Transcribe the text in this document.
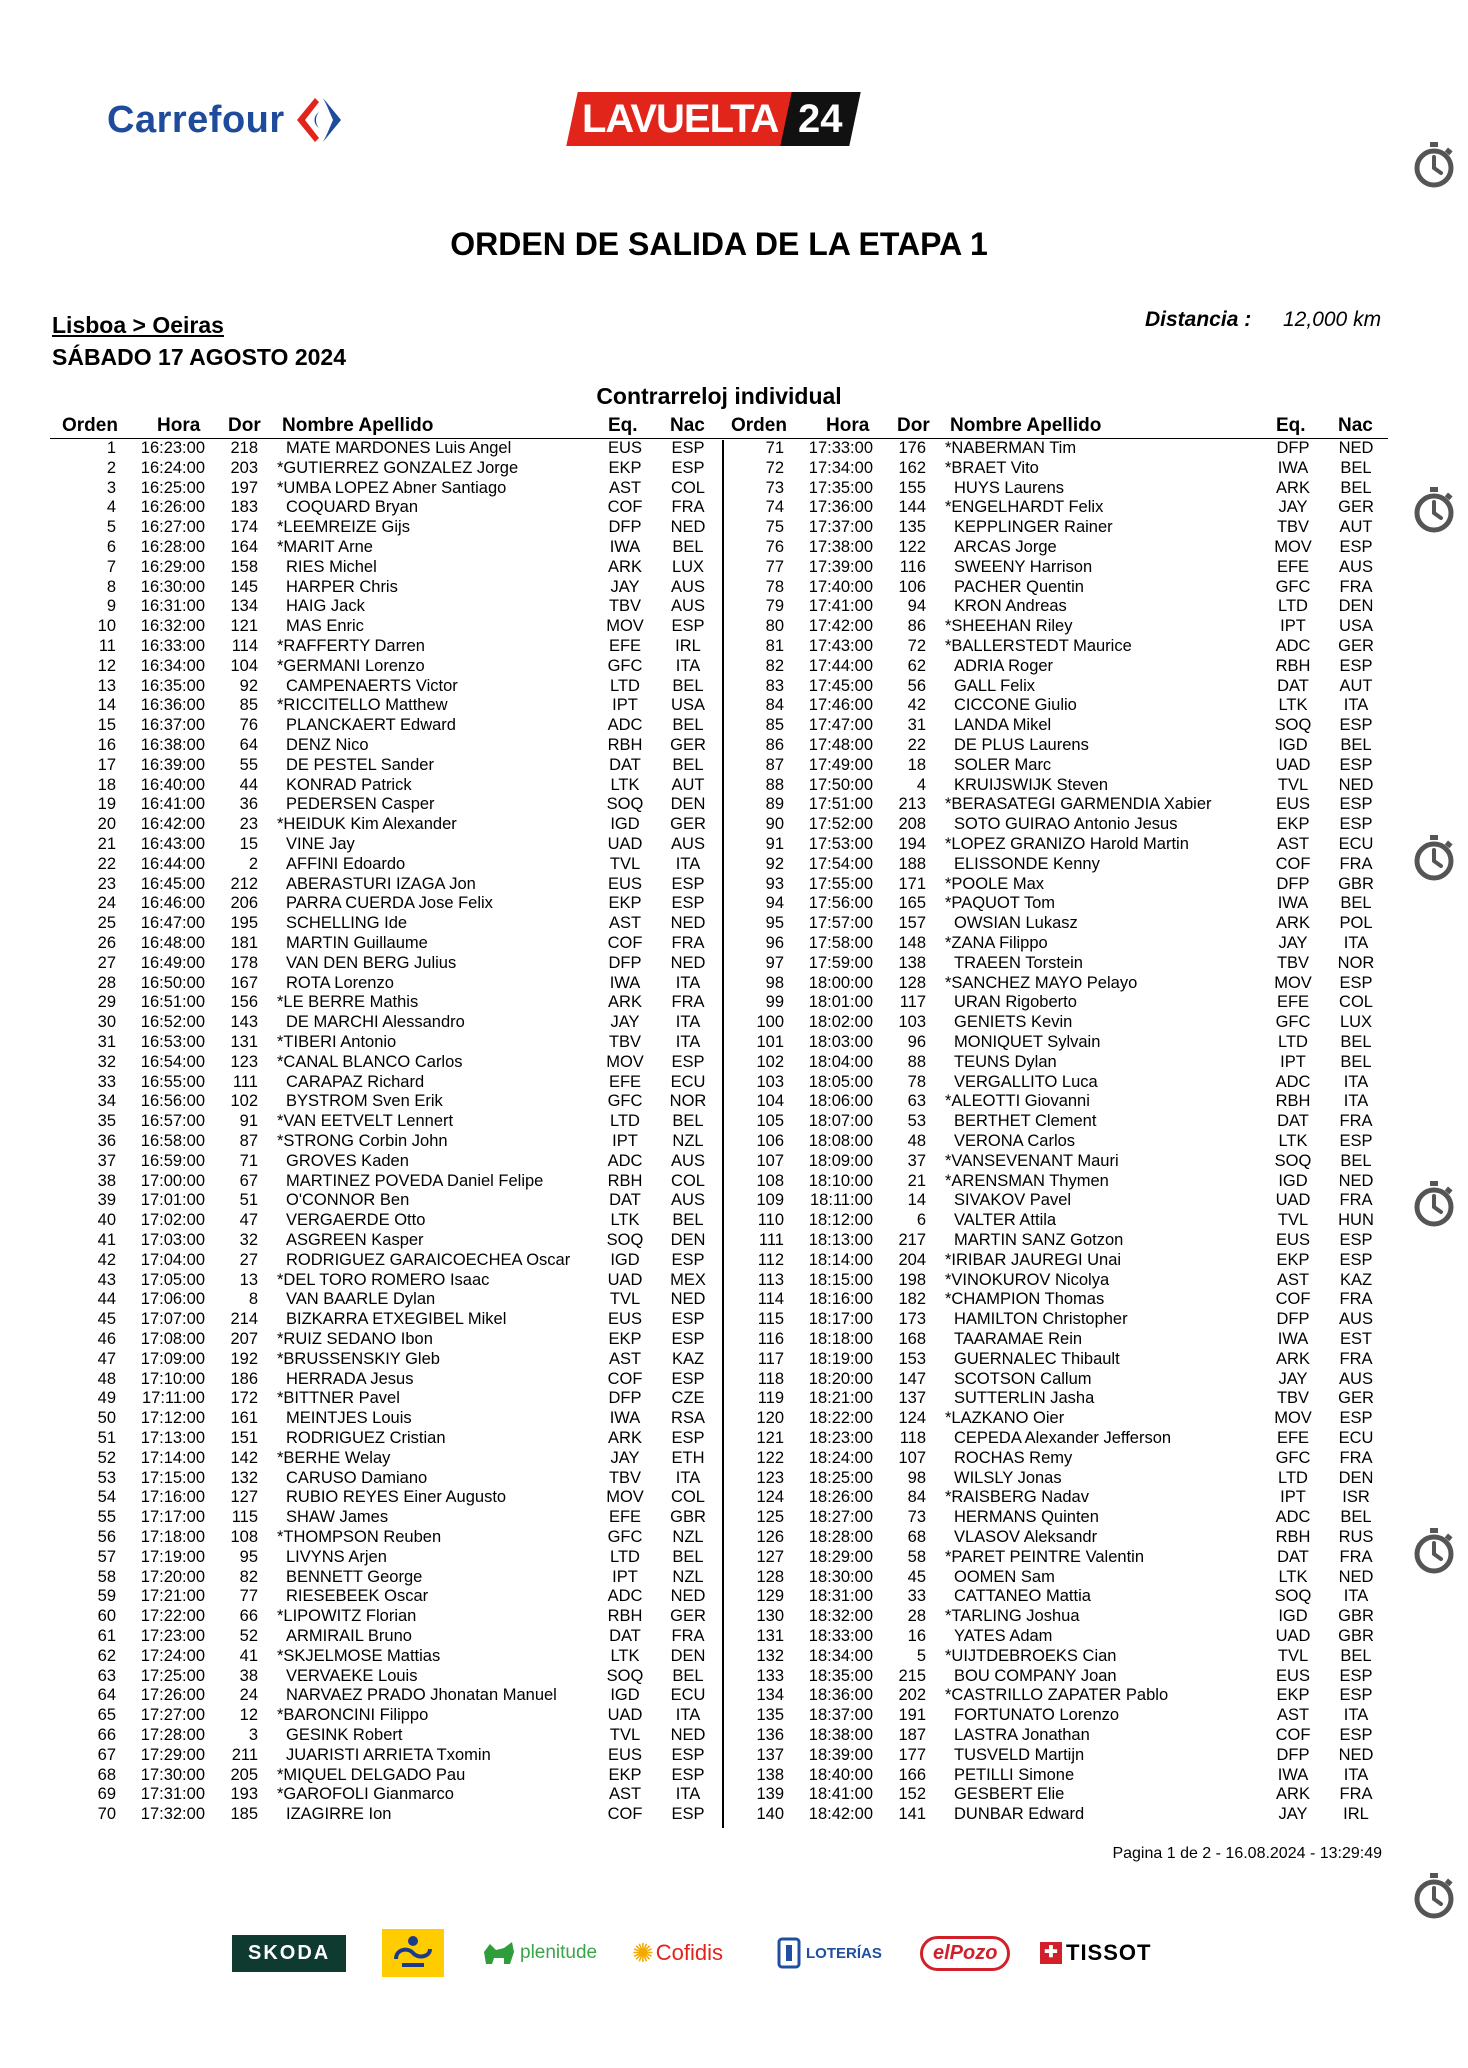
Carrefour	LAVUELTA 24
ORDEN DE SALIDA DE LA ETAPA 1
Lisboa > Oeiras
SÁBADO 17 AGOSTO 2024
Distancia : 12,000 km
Contrarreloj individual
Orden Hora Dor Nombre Apellido	Eq. Nac Orden Hora Dor Nombre Apellido	Eq. Nac
1 16:23:00 218 MATE MARDONES Luis Angel	EUS	ESP
2 16:24:00 203 *GUTIERREZ GONZALEZ Jorge	EKP	ESP
3 16:25:00 197 *UMBA LOPEZ Abner Santiago	AST	COL
4 16:26:00 183 COQUARD Bryan	COF	FRA
5 16:27:00 174 *LEEMREIZE Gijs	DFP	NED
6 16:28:00 164 *MARIT Arne	IWA	BEL
7 16:29:00 158 RIES Michel	ARK	LUX
8 16:30:00 145 HARPER Chris	JAY	AUS
9 16:31:00 134 HAIG Jack	TBV	AUS
10 16:32:00 121 MAS Enric	MOV	ESP
11 16:33:00 114 *RAFFERTY Darren	EFE	IRL
12 16:34:00 104 *GERMANI Lorenzo	GFC	ITA
13 16:35:00 92 CAMPENAERTS Victor	LTD	BEL
14 16:36:00 85 *RICCITELLO Matthew	IPT	USA
15 16:37:00 76 PLANCKAERT Edward	ADC	BEL
16 16:38:00 64 DENZ Nico	RBH	GER
17 16:39:00 55 DE PESTEL Sander	DAT	BEL
18 16:40:00 44 KONRAD Patrick	LTK	AUT
19 16:41:00 36 PEDERSEN Casper	SOQ	DEN
20 16:42:00 23 *HEIDUK Kim Alexander	IGD	GER
21 16:43:00 15 VINE Jay	UAD	AUS
22 16:44:00	2 AFFINI Edoardo	TVL	ITA
23 16:45:00 212 ABERASTURI IZAGA Jon	EUS	ESP
24 16:46:00 206 PARRA CUERDA Jose Felix	EKP	ESP
25 16:47:00 195 SCHELLING Ide	AST	NED
26 16:48:00 181 MARTIN Guillaume	COF	FRA
27 16:49:00 178 VAN DEN BERG Julius	DFP	NED
28 16:50:00 167 ROTA Lorenzo	IWA	ITA
29 16:51:00 156 *LE BERRE Mathis	ARK	FRA
30 16:52:00 143 DE MARCHI Alessandro	JAY	ITA
31 16:53:00 131 *TIBERI Antonio	TBV	ITA
32 16:54:00 123 *CANAL BLANCO Carlos	MOV	ESP
33 16:55:00 111 CARAPAZ Richard	EFE	ECU
34 16:56:00 102 BYSTROM Sven Erik	GFC	NOR
35 16:57:00 91 *VAN EETVELT Lennert	LTD	BEL
36 16:58:00 87 *STRONG Corbin John	IPT	NZL
37 16:59:00 71 GROVES Kaden	ADC	AUS
38 17:00:00 67 MARTINEZ POVEDA Daniel Felipe	RBH	COL
39 17:01:00 51 O'CONNOR Ben	DAT	AUS
40 17:02:00 47 VERGAERDE Otto	LTK	BEL
41 17:03:00 32 ASGREEN Kasper	SOQ	DEN
42 17:04:00 27 RODRIGUEZ GARAICOECHEA Oscar	IGD	ESP
43 17:05:00 13 *DEL TORO ROMERO Isaac	UAD	MEX
44 17:06:00	8 VAN BAARLE Dylan	TVL	NED
45 17:07:00 214 BIZKARRA ETXEGIBEL Mikel	EUS	ESP
46 17:08:00 207 *RUIZ SEDANO Ibon	EKP	ESP
47 17:09:00 192 *BRUSSENSKIY Gleb	AST	KAZ
48 17:10:00 186 HERRADA Jesus	COF	ESP
49 17:11:00 172 *BITTNER Pavel	DFP	CZE
50 17:12:00 161 MEINTJES Louis	IWA	RSA
51 17:13:00 151 RODRIGUEZ Cristian	ARK	ESP
52 17:14:00 142 *BERHE Welay	JAY	ETH
53 17:15:00 132 CARUSO Damiano	TBV	ITA
54 17:16:00 127 RUBIO REYES Einer Augusto	MOV	COL
55 17:17:00 115 SHAW James	EFE	GBR
56 17:18:00 108 *THOMPSON Reuben	GFC	NZL
57 17:19:00 95 LIVYNS Arjen	LTD	BEL
58 17:20:00 82 BENNETT George	IPT	NZL
59 17:21:00 77 RIESEBEEK Oscar	ADC	NED
60 17:22:00 66 *LIPOWITZ Florian	RBH	GER
61 17:23:00 52 ARMIRAIL Bruno	DAT	FRA
62 17:24:00 41 *SKJELMOSE Mattias	LTK	DEN
63 17:25:00 38 VERVAEKE Louis	SOQ	BEL
64 17:26:00 24 NARVAEZ PRADO Jhonatan Manuel	IGD	ECU
65 17:27:00 12 *BARONCINI Filippo	UAD	ITA
66 17:28:00	3 GESINK Robert	TVL	NED
67 17:29:00 211 JUARISTI ARRIETA Txomin	EUS	ESP
68 17:30:00 205 *MIQUEL DELGADO Pau	EKP	ESP
69 17:31:00 193 *GAROFOLI Gianmarco	AST	ITA
70 17:32:00 185 IZAGIRRE Ion	COF	ESP
71 17:33:00 176 *NABERMAN Tim	DFP	NED
72 17:34:00 162 *BRAET Vito	IWA	BEL
73 17:35:00 155 HUYS Laurens	ARK	BEL
74 17:36:00 144 *ENGELHARDT Felix	JAY	GER
75 17:37:00 135 KEPPLINGER Rainer	TBV	AUT
76 17:38:00 122 ARCAS Jorge	MOV	ESP
77 17:39:00 116 SWEENY Harrison	EFE	AUS
78 17:40:00 106 PACHER Quentin	GFC	FRA
79 17:41:00 94 KRON Andreas	LTD	DEN
80 17:42:00 86 *SHEEHAN Riley	IPT	USA
81 17:43:00 72 *BALLERSTEDT Maurice	ADC	GER
82 17:44:00 62 ADRIA Roger	RBH	ESP
83 17:45:00 56 GALL Felix	DAT	AUT
84 17:46:00 42 CICCONE Giulio	LTK	ITA
85 17:47:00 31 LANDA Mikel	SOQ	ESP
86 17:48:00 22 DE PLUS Laurens	IGD	BEL
87 17:49:00 18 SOLER Marc	UAD	ESP
88 17:50:00	4 KRUIJSWIJK Steven	TVL	NED
89 17:51:00 213 *BERASATEGI GARMENDIA Xabier	EUS	ESP
90 17:52:00 208 SOTO GUIRAO Antonio Jesus	EKP	ESP
91 17:53:00 194 *LOPEZ GRANIZO Harold Martin	AST	ECU
92 17:54:00 188 ELISSONDE Kenny	COF	FRA
93 17:55:00 171 *POOLE Max	DFP	GBR
94 17:56:00 165 *PAQUOT Tom	IWA	BEL
95 17:57:00 157 OWSIAN Lukasz	ARK	POL
96 17:58:00 148 *ZANA Filippo	JAY	ITA
97 17:59:00 138 TRAEEN Torstein	TBV	NOR
98 18:00:00 128 *SANCHEZ MAYO Pelayo	MOV	ESP
99 18:01:00 117 URAN Rigoberto	EFE	COL
100 18:02:00 103 GENIETS Kevin	GFC	LUX
101 18:03:00 96 MONIQUET Sylvain	LTD	BEL
102 18:04:00 88 TEUNS Dylan	IPT	BEL
103 18:05:00 78 VERGALLITO Luca	ADC	ITA
104 18:06:00 63 *ALEOTTI Giovanni	RBH	ITA
105 18:07:00 53 BERTHET Clement	DAT	FRA
106 18:08:00 48 VERONA Carlos	LTK	ESP
107 18:09:00 37 *VANSEVENANT Mauri	SOQ	BEL
108 18:10:00 21 *ARENSMAN Thymen	IGD	NED
109 18:11:00 14 SIVAKOV Pavel	UAD	FRA
110 18:12:00	6 VALTER Attila	TVL	HUN
111 18:13:00 217 MARTIN SANZ Gotzon	EUS	ESP
112 18:14:00 204 *IRIBAR JAUREGI Unai	EKP	ESP
113 18:15:00 198 *VINOKUROV Nicolya	AST	KAZ
114 18:16:00 182 *CHAMPION Thomas	COF	FRA
115 18:17:00 173 HAMILTON Christopher	DFP	AUS
116 18:18:00 168 TAARAMAE Rein	IWA	EST
117 18:19:00 153 GUERNALEC Thibault	ARK	FRA
118 18:20:00 147 SCOTSON Callum	JAY	AUS
119 18:21:00 137 SUTTERLIN Jasha	TBV	GER
120 18:22:00 124 *LAZKANO Oier	MOV	ESP
121 18:23:00 118 CEPEDA Alexander Jefferson	EFE	ECU
122 18:24:00 107 ROCHAS Remy	GFC	FRA
123 18:25:00 98 WILSLY Jonas	LTD	DEN
124 18:26:00 84 *RAISBERG Nadav	IPT	ISR
125 18:27:00 73 HERMANS Quinten	ADC	BEL
126 18:28:00 68 VLASOV Aleksandr	RBH	RUS
127 18:29:00 58 *PARET PEINTRE Valentin	DAT	FRA
128 18:30:00 45 OOMEN Sam	LTK	NED
129 18:31:00 33 CATTANEO Mattia	SOQ	ITA
130 18:32:00 28 *TARLING Joshua	IGD	GBR
131 18:33:00 16 YATES Adam	UAD	GBR
132 18:34:00	5 *UIJTDEBROEKS Cian	TVL	BEL
133 18:35:00 215 BOU COMPANY Joan	EUS	ESP
134 18:36:00 202 *CASTRILLO ZAPATER Pablo	EKP	ESP
135 18:37:00 191 FORTUNATO Lorenzo	AST	ITA
136 18:38:00 187 LASTRA Jonathan	COF	ESP
137 18:39:00 177 TUSVELD Martijn	DFP	NED
138 18:40:00 166 PETILLI Simone	IWA	ITA
139 18:41:00 152 GESBERT Elie	ARK	FRA
140 18:42:00 141 DUNBAR Edward	JAY	IRL
Pagina 1 de 2 - 16.08.2024 - 13:29:49
SKODA	plenitude ✺ Cofidis	LOTERÍAS	elPozo	✚ TISSOT
